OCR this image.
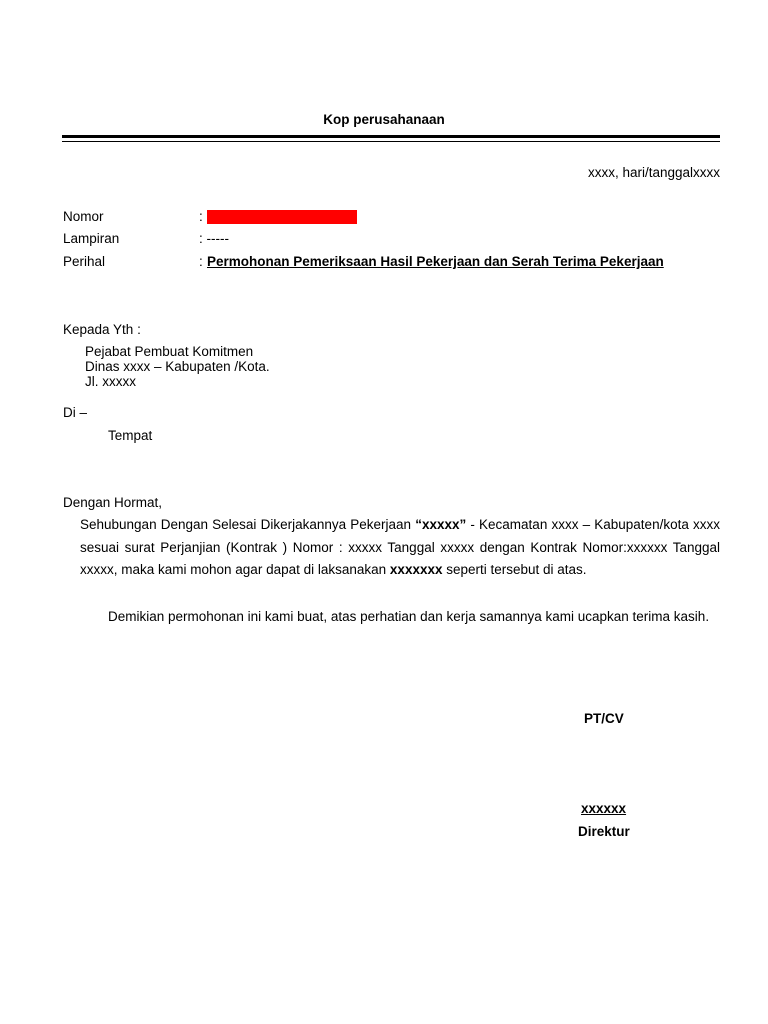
Kop perusahanaan
xxxx, hari/tanggalxxxx
Nomor	:
Lampiran	: -----
Perihal	: Permohonan Pemeriksaan Hasil Pekerjaan dan Serah Terima Pekerjaan
Kepada Yth :
Pejabat Pembuat Komitmen
Dinas xxxx – Kabupaten /Kota.
Jl. xxxxx
Di –
Tempat
Dengan Hormat,
Sehubungan Dengan Selesai Dikerjakannya Pekerjaan “xxxxx” - Kecamatan xxxx – Kabupaten/kota xxxx sesuai surat Perjanjian (Kontrak ) Nomor : xxxxx Tanggal xxxxx dengan Kontrak Nomor:xxxxxx Tanggal xxxxx, maka kami mohon agar dapat di laksanakan xxxxxxx seperti tersebut di atas.
Demikian permohonan ini kami buat, atas perhatian dan kerja samannya kami ucapkan terima kasih.
PT/CV
xxxxxx
Direktur
